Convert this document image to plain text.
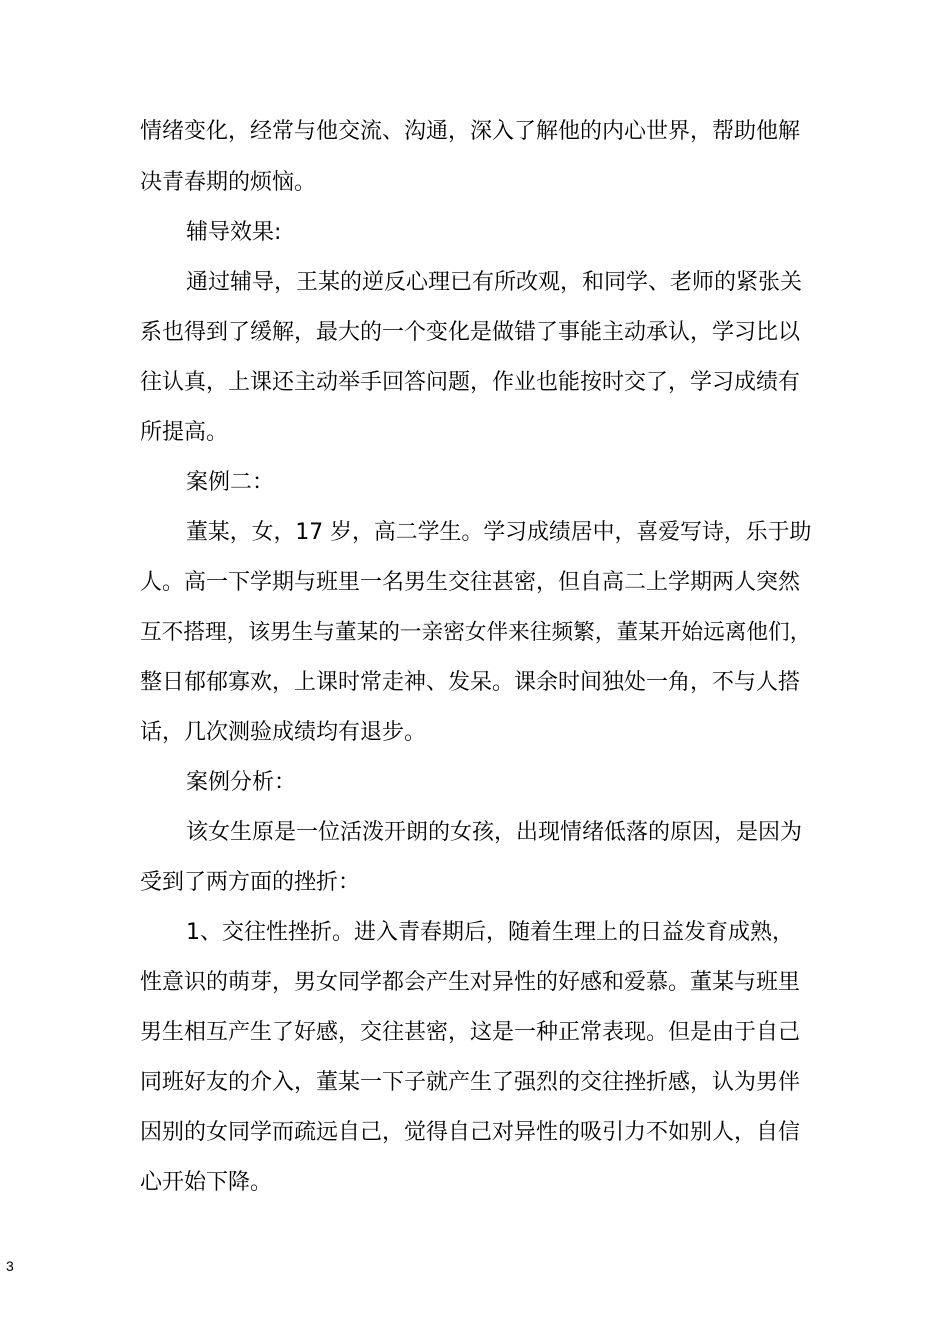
情绪变化，经常与他交流、沟通，深入了解他的内心世界，帮助他解
决青春期的烦恼。
辅导效果:
通过辅导，王某的逆反心理已有所改观，和同学、老师的紧张关
系也得到了缓解，最大的一个变化是做错了事能主动承认，学习比以
往认真，上课还主动举手回答问题，作业也能按时交了，学习成绩有
所提高。
案例二：
董某，女，17 岁，高二学生。学习成绩居中，喜爱写诗，乐于助
人。高一下学期与班里一名男生交往甚密，但自高二上学期两人突然
互不搭理，该男生与董某的一亲密女伴来往频繁，董某开始远离他们，
整日郁郁寡欢，上课时常走神、发呆。课余时间独处一角，不与人搭
话，几次测验成绩均有退步。
案例分析：
该女生原是一位活泼开朗的女孩，出现情绪低落的原因，是因为
受到了两方面的挫折：
1、交往性挫折。进入青春期后，随着生理上的日益发育成熟，
性意识的萌芽，男女同学都会产生对异性的好感和爱慕。董某与班里
男生相互产生了好感，交往甚密，这是一种正常表现。但是由于自己
同班好友的介入，董某一下子就产生了强烈的交往挫折感，认为男伴
因别的女同学而疏远自己，觉得自己对异性的吸引力不如别人，自信
心开始下降。
3
